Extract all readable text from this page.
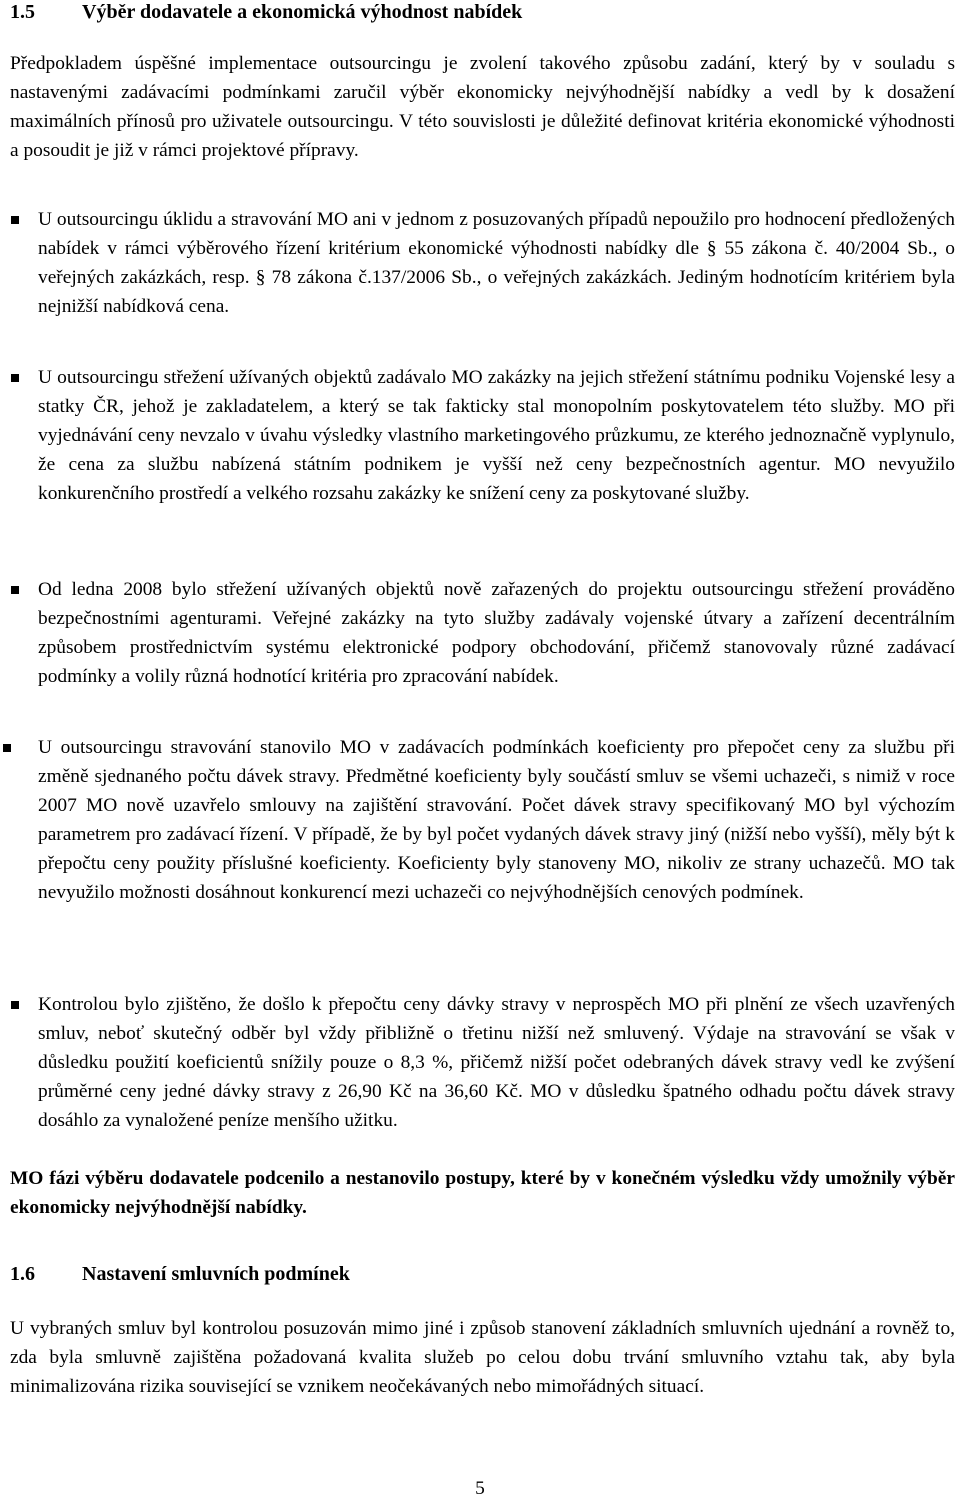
1.5 Výběr dodavatele a ekonomická výhodnost nabídek

Předpokladem úspěšné implementace outsourcingu je zvolení takového způsobu zadání, který by v souladu s nastavenými zadávacími podmínkami zaručil výběr ekonomicky nejvýhodnější nabídky a vedl by k dosažení maximálních přínosů pro uživatele outsourcingu. V této souvislosti je důležité definovat kritéria ekonomické výhodnosti a posoudit je již v rámci projektové přípravy.

U outsourcingu úklidu a stravování MO ani v jednom z posuzovaných případů nepoužilo pro hodnocení předložených nabídek v rámci výběrového řízení kritérium ekonomické výhodnosti nabídky dle § 55 zákona č. 40/2004 Sb., o veřejných zakázkách, resp. § 78 zákona č.137/2006 Sb., o veřejných zakázkách. Jediným hodnotícím kritériem byla nejnižší nabídková cena.

U outsourcingu střežení užívaných objektů zadávalo MO zakázky na jejich střežení státnímu podniku Vojenské lesy a statky ČR, jehož je zakladatelem, a který se tak fakticky stal monopolním poskytovatelem této služby. MO při vyjednávání ceny nevzalo v úvahu výsledky vlastního marketingového průzkumu, ze kterého jednoznačně vyplynulo, že cena za službu nabízená státním podnikem je vyšší než ceny bezpečnostních agentur. MO nevyužilo konkurenčního prostředí a velkého rozsahu zakázky ke snížení ceny za poskytované služby.

Od ledna 2008 bylo střežení užívaných objektů nově zařazených do projektu outsourcingu střežení prováděno bezpečnostními agenturami. Veřejné zakázky na tyto služby zadávaly vojenské útvary a zařízení decentrálním způsobem prostřednictvím systému elektronické podpory obchodování, přičemž stanovovaly různé zadávací podmínky a volily různá hodnotící kritéria pro zpracování nabídek.

U outsourcingu stravování stanovilo MO v zadávacích podmínkách koeficienty pro přepočet ceny za službu při změně sjednaného počtu dávek stravy. Předmětné koeficienty byly součástí smluv se všemi uchazeči, s nimiž v roce 2007 MO nově uzavřelo smlouvy na zajištění stravování. Počet dávek stravy specifikovaný MO byl výchozím parametrem pro zadávací řízení. V případě, že by byl počet vydaných dávek stravy jiný (nižší nebo vyšší), měly být k přepočtu ceny použity příslušné koeficienty. Koeficienty byly stanoveny MO, nikoliv ze strany uchazečů. MO tak nevyužilo možnosti dosáhnout konkurencí mezi uchazeči co nejvýhodnějších cenových podmínek.

Kontrolou bylo zjištěno, že došlo k přepočtu ceny dávky stravy v neprospěch MO při plnění ze všech uzavřených smluv, neboť skutečný odběr byl vždy přibližně o třetinu nižší než smluvený. Výdaje na stravování se však v důsledku použití koeficientů snížily pouze o 8,3 %, přičemž nižší počet odebraných dávek stravy vedl ke zvýšení průměrné ceny jedné dávky stravy z 26,90 Kč na 36,60 Kč. MO v důsledku špatného odhadu počtu dávek stravy dosáhlo za vynaložené peníze menšího užitku.

MO fázi výběru dodavatele podcenilo a nestanovilo postupy, které by v konečném výsledku vždy umožnily výběr ekonomicky nejvýhodnější nabídky.

1.6 Nastavení smluvních podmínek

U vybraných smluv byl kontrolou posuzován mimo jiné i způsob stanovení základních smluvních ujednání a rovněž to, zda byla smluvně zajištěna požadovaná kvalita služeb po celou dobu trvání smluvního vztahu tak, aby byla minimalizována rizika související se vznikem neočekávaných nebo mimořádných situací.

5
